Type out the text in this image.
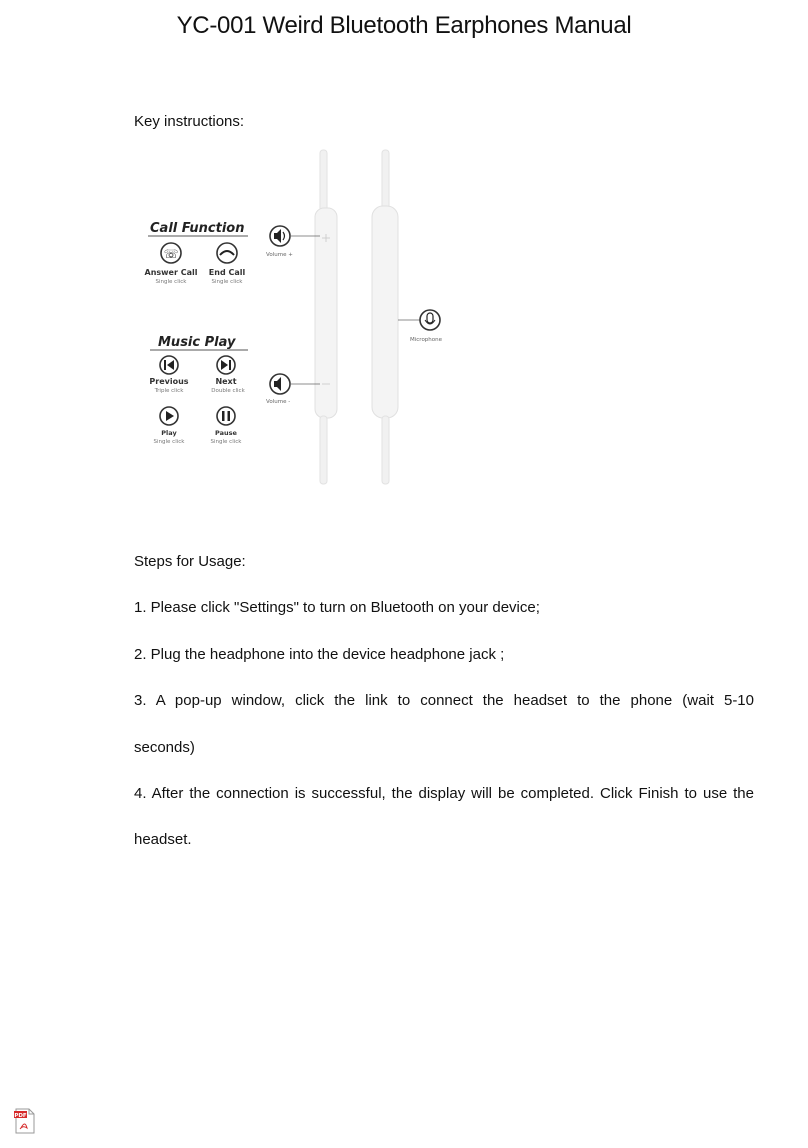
YC-001 Weird Bluetooth Earphones Manual
Key instructions:
Call Function
☏
Answer Call
Single click
End Call
Single click
Music Play
Previous
Triple click
Next
Double click
Play
Single click
Pause
Single click
Volume +
Volume -
Microphone
Steps for Usage:
1. Please click "Settings" to turn on Bluetooth on your device;
2. Plug the headphone into the device headphone jack ;
3. A pop-up window, click the link to connect the headset to the phone (wait 5-10
seconds)
4. After the connection is successful, the display will be completed. Click Finish to use the
headset.
PDF
